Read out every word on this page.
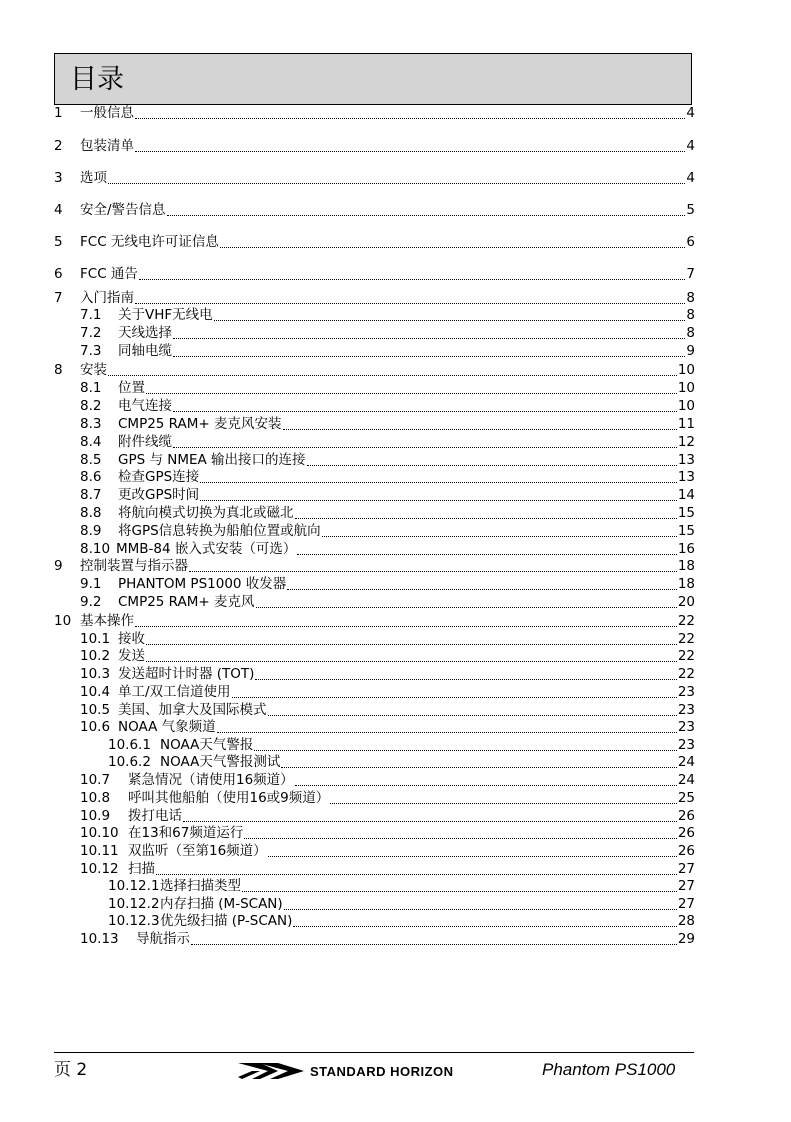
目录
1	一般信息	4
2	包装清单	4
3	选项	4
4	安全/警告信息	5
5	FCC 无线电许可证信息	6
6	FCC 通告	7
7	入门指南	8
7.1	关于VHF无线电	8
7.2	天线选择	8
7.3	同轴电缆	9
8	安装	10
8.1	位置	10
8.2	电气连接	10
8.3	CMP25 RAM+ 麦克风安装	11
8.4	附件线缆	12
8.5	GPS 与 NMEA 输出接口的连接	13
8.6	检查GPS连接	13
8.7	更改GPS时间	14
8.8	将航向模式切换为真北或磁北	15
8.9	将GPS信息转换为船舶位置或航向	15
8.10 MMB-84 嵌入式安装（可选）	16
9	控制装置与指示器	18
9.1	PHANTOM PS1000 收发器	18
9.2	CMP25 RAM+ 麦克风	20
10 基本操作	22
10.1 接收	22
10.2 发送	22
10.3 发送超时计时器 (TOT)	22
10.4 单工/双工信道使用	23
10.5 美国、加拿大及国际模式	23
10.6 NOAA 气象频道	23
10.6.1 NOAA天气警报	23
10.6.2 NOAA天气警报测试	24
10.7	紧急情况（请使用16频道）	24
10.8	呼叫其他船舶（使用16或9频道）	25
10.9	拨打电话	26
10.10 在13和67频道运行	26
10.11 双监听（至第16频道）	26
10.12 扫描	27
10.12.1 选择扫描类型	27
10.12.2 内存扫描 (M-SCAN)	27
10.12.3 优先级扫描 (P-SCAN)	28
10.13	导航指示	29
页 2	STANDARD HORIZON	Phantom PS1000
